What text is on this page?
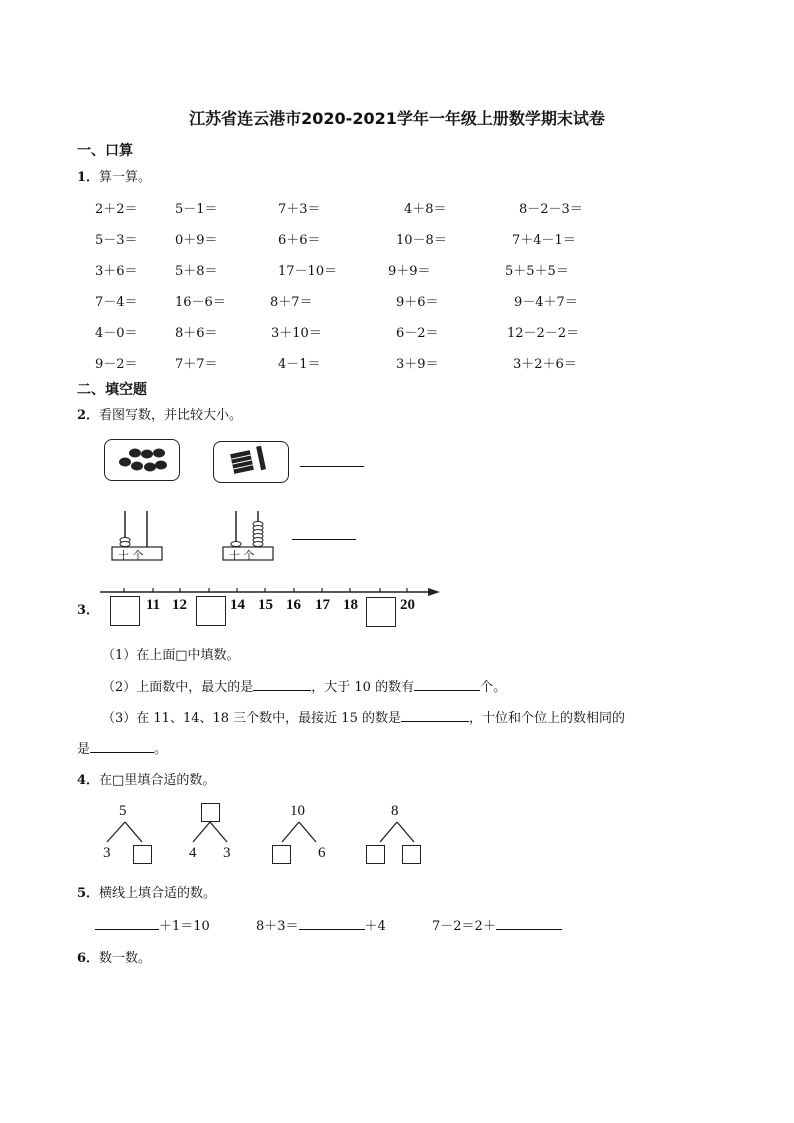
江苏省连云港市2020-2021学年一年级上册数学期末试卷
一、口算
1．算一算。
2＋2＝	5－1＝	7＋3＝	4＋8＝	8－2－3＝
5－3＝	0＋9＝	6＋6＝	10－8＝	7＋4－1＝
3＋6＝	5＋8＝	17－10＝	9＋9＝	5＋5＋5＝
7－4＝	16－6＝	8＋7＝	9＋6＝	9－4＋7＝
4－0＝	8＋6＝	3＋10＝	6－2＝	12－2－2＝
9－2＝	7＋7＝	4－1＝	3＋9＝	3＋2＋6＝
二、填空题
2．看图写数，并比较大小。
十 个	十 个
3．	11 12	14 15 16 17 18	20
（1）在上面□中填数。
（2）上面数中，最大的是	，大于 10 的数有	个。
（3）在 11、14、18 三个数中，最接近 15 的数是	，十位和个位上的数相同的
是	。
4．在□里填合适的数。
5
3	4 3
10
6
8
5．横线上填合适的数。
＋1＝10	8＋3＝	＋4	7－2＝2＋
6．数一数。
